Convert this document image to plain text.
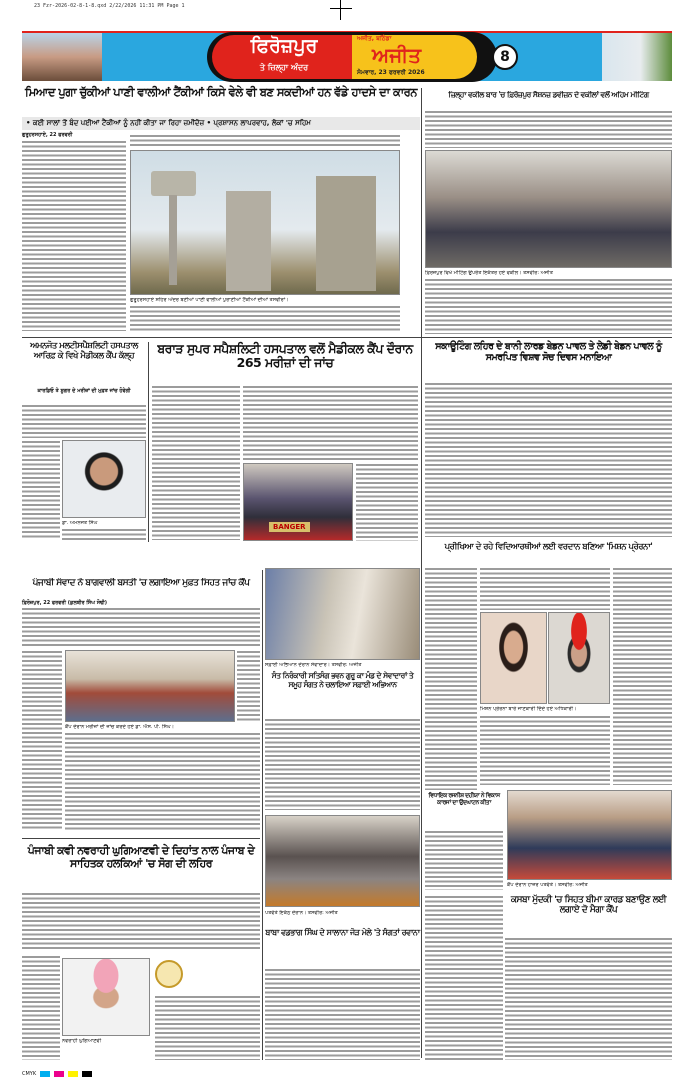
23 Fzr-2026-02-8-1-8.qxd 2/22/2026 11:31 PM Page 1
ਫਿਰੋਜ਼ਪੁਰ
ਤੇ ਜ਼ਿਲ੍ਹਾ ਅੰਦਰ
ਅਜੀਤ, ਬਠਿੰਡਾ
ਅਜੀਤ
ਸੋਮਵਾਰ, 23 ਫਰਵਰੀ 2026
8
ਮਿਆਦ ਪੁਗਾ ਚੁੱਕੀਆਂ ਪਾਣੀ ਵਾਲੀਆਂ ਟੈਂਕੀਆਂ ਕਿਸੇ ਵੇਲੇ ਵੀ ਬਣ ਸਕਦੀਆਂ ਹਨ ਵੱਡੇ ਹਾਦਸੇ ਦਾ ਕਾਰਨ
• ਕਈ ਸਾਲਾਂ ਤੋਂ ਬੰਦ ਪਈਆਂ ਟੈਂਕੀਆਂ ਨੂੰ ਨਹੀਂ ਕੀਤਾ ਜਾ ਰਿਹਾ ਜ਼ਮੀਂਦੋਜ਼ • ਪ੍ਰਸ਼ਾਸਨ ਲਾਪਰਵਾਹ, ਲੋਕਾਂ 'ਚ ਸਹਿਮ
ਗੁਰੂਹਰਸਹਾਏ, 22 ਫਰਵਰੀ
ਗੁਰੂਹਰਸਹਾਏ ਸ਼ਹਿਰ ਅੰਦਰ ਬਣੀਆਂ ਪਾਣੀ ਵਾਲੀਆਂ ਪੁਰਾਣੀਆਂ ਟੈਂਕੀਆਂ ਦੀਆਂ ਤਸਵੀਰਾਂ।
ਜ਼ਿਲ੍ਹਾ ਵਕੀਲ ਬਾਰ 'ਚ ਫ਼ਿਰੋਜ਼ਪੁਰ ਸੈਸ਼ਨਜ਼ ਡਵੀਜ਼ਨ ਦੇ ਵਕੀਲਾਂ ਵਲੋਂ ਅਹਿਮ ਮੀਟਿੰਗ
ਫ਼ਿਰੋਜ਼ਪੁਰ ਵਿਖੇ ਮੀਟਿੰਗ ਉਪਰੰਤ ਇਕੱਤਰ ਹੋਏ ਵਕੀਲ। ਤਸਵੀਰ: ਅਜੀਤ
ਅਮਨਜੋਤ ਮਲਟੀਸਪੈਸ਼ਲਿਟੀ ਹਸਪਤਾਲ ਆਰਿਫ਼ ਕੇ ਵਿਖੇ ਮੈਡੀਕਲ ਕੈਂਪ ਕੱਲ੍ਹ
ਕਾਰਡਿਓ ਤੇ ਸ਼ੂਗਰ ਦੇ ਮਰੀਜ਼ਾਂ ਦੀ ਮੁਫ਼ਤ ਜਾਂਚ ਹੋਵੇਗੀ
ਡਾ. ਅਮਨਜੋਤ ਸਿੰਘ
ਬਰਾੜ ਸੁਪਰ ਸਪੈਸ਼ਲਿਟੀ ਹਸਪਤਾਲ ਵਲੋਂ ਮੈਡੀਕਲ ਕੈਂਪ ਦੌਰਾਨ 265 ਮਰੀਜ਼ਾਂ ਦੀ ਜਾਂਚ
BANGER
ਸਕਾਊਟਿੰਗ ਲਹਿਰ ਦੇ ਬਾਨੀ ਲਾਰਡ ਬੇਡਨ ਪਾਵਲ ਤੇ ਲੇਡੀ ਬੇਡਨ ਪਾਵਲ ਨੂੰ ਸਮਰਪਿਤ ਵਿਸ਼ਵ ਸੋਚ ਦਿਵਸ ਮਨਾਇਆ
ਪ੍ਰੀਖਿਆ ਦੇ ਰਹੇ ਵਿਦਿਆਰਥੀਆਂ ਲਈ ਵਰਦਾਨ ਬਣਿਆ 'ਮਿਸ਼ਨ ਪ੍ਰੇਰਨਾ'
ਮਿਸ਼ਨ ਪ੍ਰੇਰਨਾ ਬਾਰੇ ਜਾਣਕਾਰੀ ਦਿੰਦੇ ਹੋਏ ਅਧਿਕਾਰੀ।
ਪੰਜਾਬੀ ਸੰਵਾਦ ਨੇ ਬਾਗਵਾਲੀ ਬਸਤੀ 'ਚ ਲਗਾਇਆ ਮੁਫ਼ਤ ਸਿਹਤ ਜਾਂਚ ਕੈਂਪ
ਫ਼ਿਰੋਜ਼ਪੁਰ, 22 ਫਰਵਰੀ (ਕੁਲਬੀਰ ਸਿੰਘ ਸੋਢੀ)
ਕੈਂਪ ਦੌਰਾਨ ਮਰੀਜ਼ਾਂ ਦੀ ਜਾਂਚ ਕਰਦੇ ਹੋਏ ਡਾ. ਐਸ. ਪੀ. ਸਿੰਘ।
ਸਫ਼ਾਈ ਅਭਿਆਨ ਦੌਰਾਨ ਸੇਵਾਦਾਰ। ਤਸਵੀਰ: ਅਜੀਤ
ਸੰਤ ਨਿਰੰਕਾਰੀ ਸਤਿਸੰਗ ਭਵਨ ਗੁਰੂ ਕਾ ਮੰਡ ਦੇ ਸੇਵਾਦਾਰਾਂ ਤੇ ਸਮੂਹ ਸੰਗਤ ਨੇ ਚਲਾਇਆ ਸਫ਼ਾਈ ਅਭਿਆਨ
ਪਤਵੰਤੇ ਇਕੱਠ ਦੌਰਾਨ। ਤਸਵੀਰ: ਅਜੀਤ
ਵਿਧਾਇਕ ਰਜਨੀਸ਼ ਦਹੀਯਾ ਨੇ ਵਿਕਾਸ ਕਾਰਜਾਂ ਦਾ ਉਦਘਾਟਨ ਕੀਤਾ
ਕੈਂਪ ਦੌਰਾਨ ਹਾਜ਼ਰ ਪਤਵੰਤੇ। ਤਸਵੀਰ: ਅਜੀਤ
ਪੰਜਾਬੀ ਕਵੀ ਨਵਰਾਹੀ ਘੁਗਿਆਣਵੀ ਦੇ ਦਿਹਾਂਤ ਨਾਲ ਪੰਜਾਬ ਦੇ ਸਾਹਿਤਕ ਹਲਕਿਆਂ 'ਚ ਸੋਗ ਦੀ ਲਹਿਰ
ਨਵਰਾਹੀ ਘੁਗਿਆਣਵੀ
ਬਾਬਾ ਵਡਭਾਗ ਸਿੰਘ ਦੇ ਸਾਲਾਨਾ ਜੋੜ ਮੇਲੇ 'ਤੇ ਸੰਗਤਾਂ ਰਵਾਨਾ
ਕਸਬਾ ਮੁੱਦਕੀ 'ਚ ਸਿਹਤ ਬੀਮਾ ਕਾਰਡ ਬਣਾਉਣ ਲਈ ਲਗਾਏ ਦੋ ਮੈਗਾ ਕੈਂਪ
CMYK
